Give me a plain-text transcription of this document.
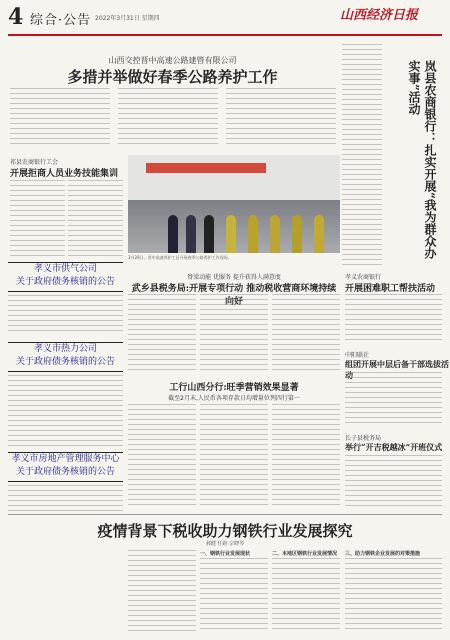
4 综合·公告 2022年3月31日 星期四	山西经济日报
山西交控晋中高速公路建管有限公司
多措并举做好春季公路养护工作	岚县农商银行：扎实开展“我为群众办实事”活动
祁县农商银行工会
开展拒商人员业务技能集训
孝义市供气公司
关于政府债务核销的公告
孝义市热力公司
关于政府债务核销的公告
孝义市房地产管理服务中心
关于政府债务核销的公告
3月28日，晋中高速养护工区开展春季公路养护工作现场。
脊梁动能 优服务 提升获得人满意度
武乡县税务局:开展专项行动 推动税收营商环境持续向好
工行山西分行:旺季营销效果显著
截至2月末,人民币各项存款日均增量位列四行第一
孝义农商银行
开展困难职工帮扶活动
中阳联社
组团开展中层后备干部选拔活动
长子县税务局
举行“开吉税越冰”开班仪式
疫情背景下税收助力钢铁行业发展探究
郝健 任路 宗晓琴
一、钢铁行业发展现状	二、本地区钢铁行业发展情况 三、助力钢铁企业发展的对策措施
